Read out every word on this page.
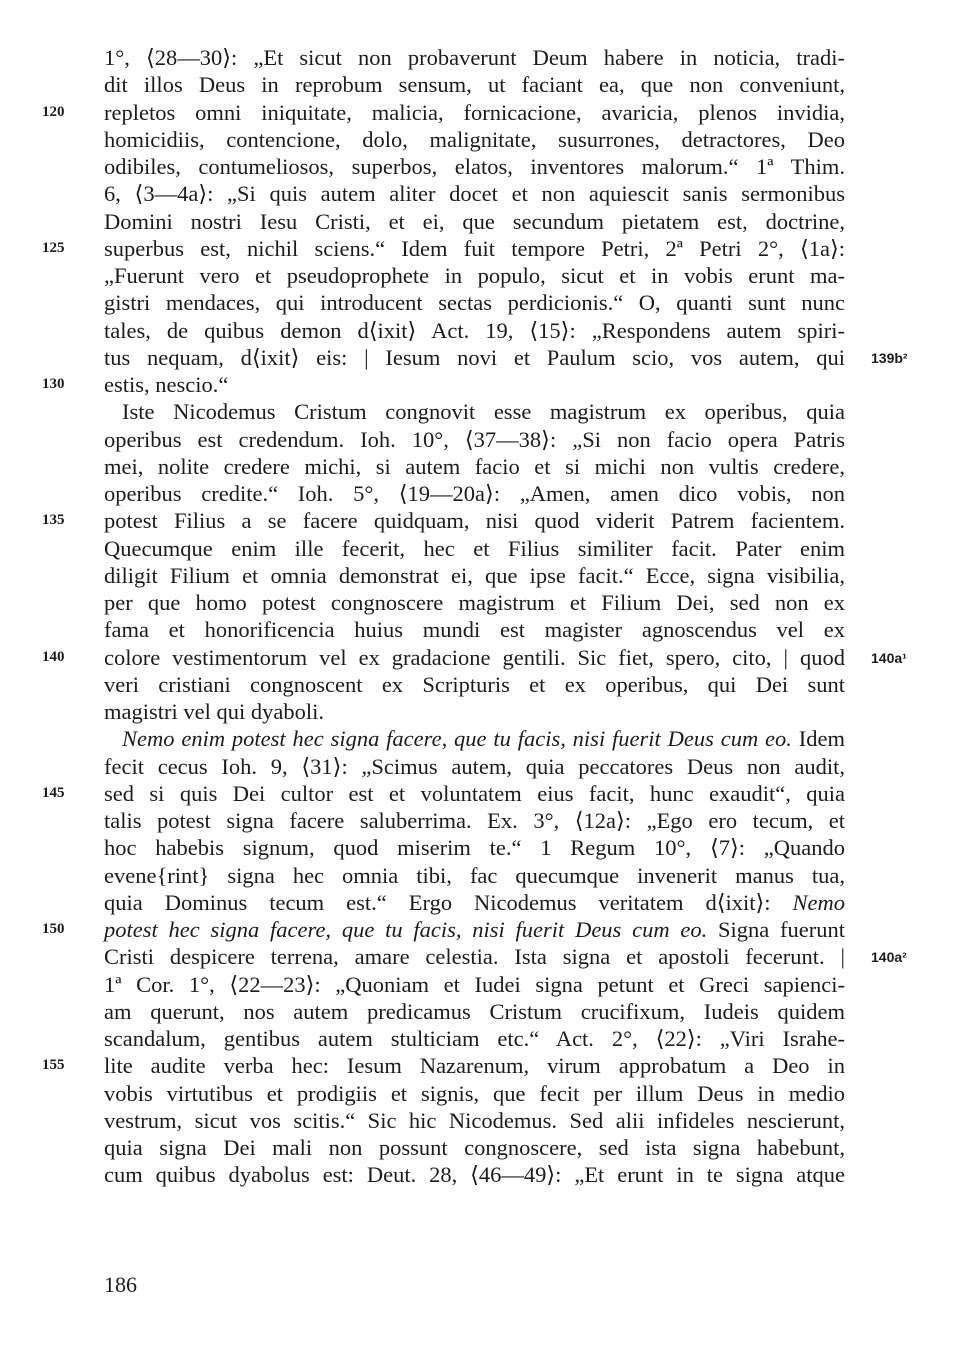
1°, ⟨28—30⟩: „Et sicut non probaverunt Deum habere in noticia, tradi-
dit illos Deus in reprobum sensum, ut faciant ea, que non conveniunt,
repletos omni iniquitate, malicia, fornicacione, avaricia, plenos invidia,
homicidiis, contencione, dolo, malignitate, susurrones, detractores, Deo
odibiles, contumeliosos, superbos, elatos, inventores malorum.“ 1ª Thim.
6, ⟨3—4a⟩: „Si quis autem aliter docet et non aquiescit sanis sermonibus
Domini nostri Iesu Cristi, et ei, que secundum pietatem est, doctrine,
superbus est, nichil sciens.“ Idem fuit tempore Petri, 2ª Petri 2°, ⟨1a⟩:
„Fuerunt vero et pseudoprophete in populo, sicut et in vobis erunt ma-
gistri mendaces, qui introducent sectas perdicionis.“ O, quanti sunt nunc
tales, de quibus demon d⟨ixit⟩ Act. 19, ⟨15⟩: „Respondens autem spiri-
tus nequam, d⟨ixit⟩ eis: | Iesum novi et Paulum scio, vos autem, qui
estis, nescio.“
Iste Nicodemus Cristum congnovit esse magistrum ex operibus, quia
operibus est credendum. Ioh. 10°, ⟨37—38⟩: „Si non facio opera Patris
mei, nolite credere michi, si autem facio et si michi non vultis credere,
operibus credite.“ Ioh. 5°, ⟨19—20a⟩: „Amen, amen dico vobis, non
potest Filius a se facere quidquam, nisi quod viderit Patrem facientem.
Quecumque enim ille fecerit, hec et Filius similiter facit. Pater enim
diligit Filium et omnia demonstrat ei, que ipse facit.“ Ecce, signa visibilia,
per que homo potest congnoscere magistrum et Filium Dei, sed non ex
fama et honorificencia huius mundi est magister agnoscendus vel ex
colore vestimentorum vel ex gradacione gentili. Sic fiet, spero, cito, | quod
veri cristiani congnoscent ex Scripturis et ex operibus, qui Dei sunt
magistri vel qui dyaboli.
Nemo enim potest hec signa facere, que tu facis, nisi fuerit Deus cum eo. Idem
fecit cecus Ioh. 9, ⟨31⟩: „Scimus autem, quia peccatores Deus non audit,
sed si quis Dei cultor est et voluntatem eius facit, hunc exaudit“, quia
talis potest signa facere saluberrima. Ex. 3°, ⟨12a⟩: „Ego ero tecum, et
hoc habebis signum, quod miserim te.“ 1 Regum 10°, ⟨7⟩: „Quando
evene{rint} signa hec omnia tibi, fac quecumque invenerit manus tua,
quia Dominus tecum est.“ Ergo Nicodemus veritatem d⟨ixit⟩: Nemo
potest hec signa facere, que tu facis, nisi fuerit Deus cum eo. Signa fuerunt
Cristi despicere terrena, amare celestia. Ista signa et apostoli fecerunt. |
1ª Cor. 1°, ⟨22—23⟩: „Quoniam et Iudei signa petunt et Greci sapienci-
am querunt, nos autem predicamus Cristum crucifixum, Iudeis quidem
scandalum, gentibus autem stulticiam etc.“ Act. 2°, ⟨22⟩: „Viri Israhe-
lite audite verba hec: Iesum Nazarenum, virum approbatum a Deo in
vobis virtutibus et prodigiis et signis, que fecit per illum Deus in medio
vestrum, sicut vos scitis.“ Sic hic Nicodemus. Sed alii infideles nescierunt,
quia signa Dei mali non possunt congnoscere, sed ista signa habebunt,
cum quibus dyabolus est: Deut. 28, ⟨46—49⟩: „Et erunt in te signa atque
120
125
130
135
140
145
150
155
139b²
140a¹
140a²
186
